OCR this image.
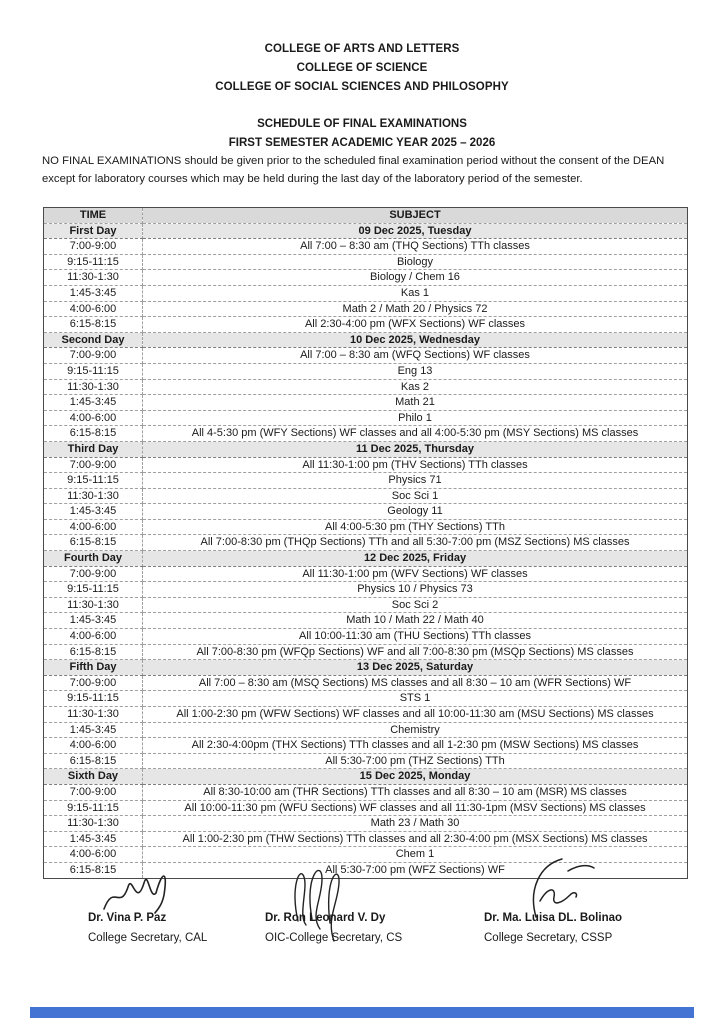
COLLEGE OF ARTS AND LETTERS
COLLEGE OF SCIENCE
COLLEGE OF SOCIAL SCIENCES AND PHILOSOPHY
SCHEDULE OF FINAL EXAMINATIONS
FIRST SEMESTER ACADEMIC YEAR 2025 – 2026

NO FINAL EXAMINATIONS should be given prior to the scheduled final examination period without the consent of the DEAN except for laboratory courses which may be held during the last day of the laboratory period of the semester.

TIME	SUBJECT
First Day	09 Dec 2025, Tuesday
7:00-9:00	All 7:00 – 8:30 am (THQ Sections) TTh classes
9:15-11:15	Biology
11:30-1:30	Biology / Chem 16
1:45-3:45	Kas 1
4:00-6:00	Math 2 / Math 20 / Physics 72
6:15-8:15	All 2:30-4:00 pm (WFX Sections) WF classes
Second Day	10 Dec 2025, Wednesday
7:00-9:00	All 7:00 – 8:30 am (WFQ Sections) WF classes
9:15-11:15	Eng 13
11:30-1:30	Kas 2
1:45-3:45	Math 21
4:00-6:00	Philo 1
6:15-8:15	All 4-5:30 pm (WFY Sections) WF classes and all 4:00-5:30 pm (MSY Sections) MS classes
Third Day	11 Dec 2025, Thursday
7:00-9:00	All 11:30-1:00 pm (THV Sections) TTh classes
9:15-11:15	Physics 71
11:30-1:30	Soc Sci 1
1:45-3:45	Geology 11
4:00-6:00	All 4:00-5:30 pm (THY Sections) TTh
6:15-8:15	All 7:00-8:30 pm (THQp Sections) TTh and all 5:30-7:00 pm (MSZ Sections) MS classes
Fourth Day	12 Dec 2025, Friday
7:00-9:00	All 11:30-1:00 pm (WFV Sections) WF classes
9:15-11:15	Physics 10 / Physics 73
11:30-1:30	Soc Sci 2
1:45-3:45	Math 10 / Math 22 / Math 40
4:00-6:00	All 10:00-11:30 am (THU Sections) TTh classes
6:15-8:15	All 7:00-8:30 pm (WFQp Sections) WF and all 7:00-8:30 pm (MSQp Sections) MS classes
Fifth Day	13 Dec 2025, Saturday
7:00-9:00	All 7:00 – 8:30 am (MSQ Sections) MS classes and all 8:30 – 10 am (WFR Sections) WF
9:15-11:15	STS 1
11:30-1:30	All 1:00-2:30 pm (WFW Sections) WF classes and all 10:00-11:30 am (MSU Sections) MS classes
1:45-3:45	Chemistry
4:00-6:00	All 2:30-4:00pm (THX Sections) TTh classes and all 1-2:30 pm (MSW Sections) MS classes
6:15-8:15	All 5:30-7:00 pm (THZ Sections) TTh
Sixth Day	15 Dec 2025, Monday
7:00-9:00	All 8:30-10:00 am (THR Sections) TTh classes and all 8:30 – 10 am (MSR) MS classes
9:15-11:15	All 10:00-11:30 pm (WFU Sections) WF classes and all 11:30-1pm (MSV Sections) MS classes
11:30-1:30	Math 23 / Math 30
1:45-3:45	All 1:00-2:30 pm (THW Sections) TTh classes and all 2:30-4:00 pm (MSX Sections) MS classes
4:00-6:00	Chem 1
6:15-8:15	All 5:30-7:00 pm (WFZ Sections) WF
Dr. Vina P. Paz
College Secretary, CAL
Dr. Ron Leonard V. Dy
OIC-College Secretary, CS
Dr. Ma. Luisa DL. Bolinao
College Secretary, CSSP
